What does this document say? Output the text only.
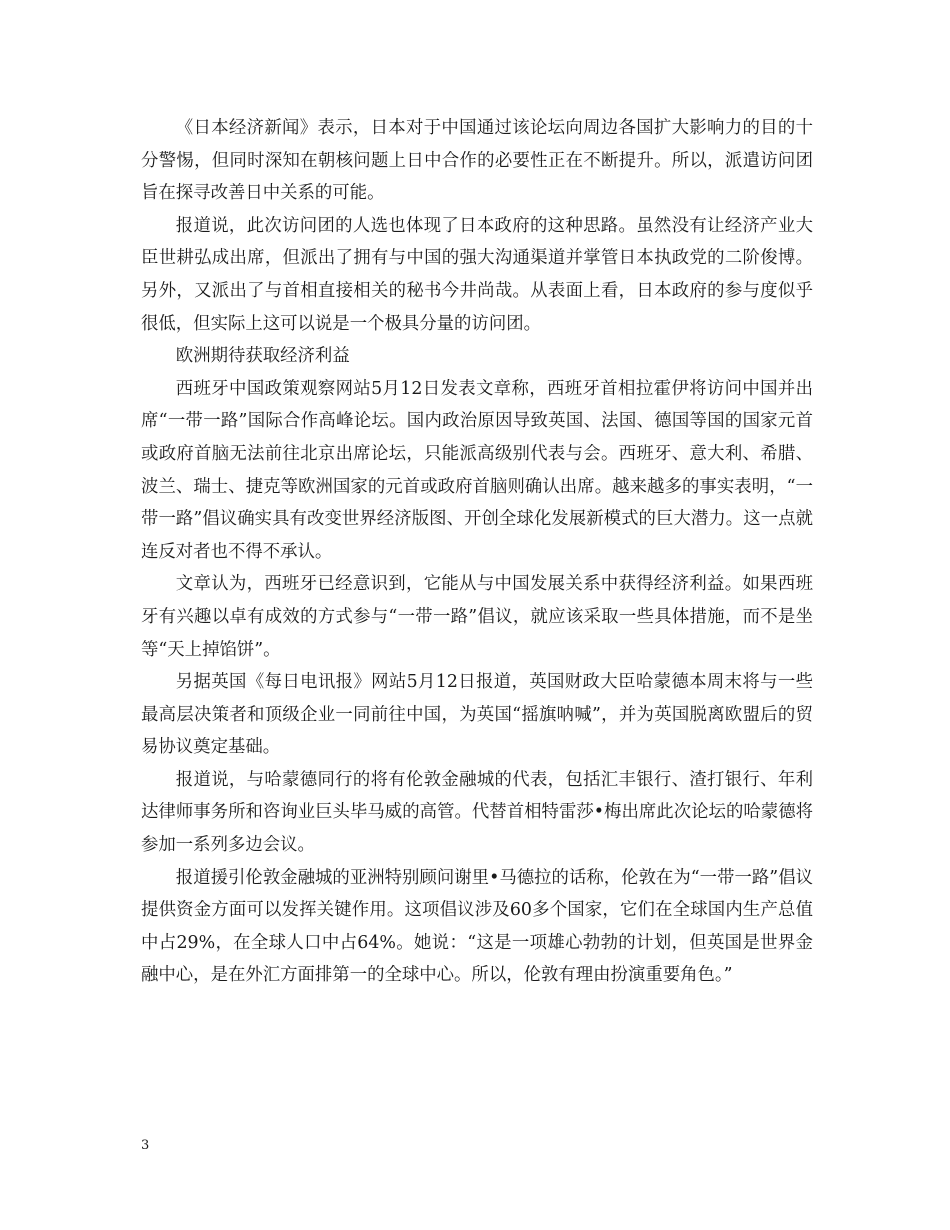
《日本经济新闻》表示，日本对于中国通过该论坛向周边各国扩大影响力的目的十分警惕，但同时深知在朝核问题上日中合作的必要性正在不断提升。所以，派遣访问团旨在探寻改善日中关系的可能。

报道说，此次访问团的人选也体现了日本政府的这种思路。虽然没有让经济产业大臣世耕弘成出席，但派出了拥有与中国的强大沟通渠道并掌管日本执政党的二阶俊博。另外，又派出了与首相直接相关的秘书今井尚哉。从表面上看，日本政府的参与度似乎很低，但实际上这可以说是一个极具分量的访问团。

欧洲期待获取经济利益

西班牙中国政策观察网站5月12日发表文章称，西班牙首相拉霍伊将访问中国并出席“一带一路”国际合作高峰论坛。国内政治原因导致英国、法国、德国等国的国家元首或政府首脑无法前往北京出席论坛，只能派高级别代表与会。西班牙、意大利、希腊、波兰、瑞士、捷克等欧洲国家的元首或政府首脑则确认出席。越来越多的事实表明，“一带一路”倡议确实具有改变世界经济版图、开创全球化发展新模式的巨大潜力。这一点就连反对者也不得不承认。

文章认为，西班牙已经意识到，它能从与中国发展关系中获得经济利益。如果西班牙有兴趣以卓有成效的方式参与“一带一路”倡议，就应该采取一些具体措施，而不是坐等“天上掉馅饼”。

另据英国《每日电讯报》网站5月12日报道，英国财政大臣哈蒙德本周末将与一些最高层决策者和顶级企业一同前往中国，为英国“摇旗呐喊”，并为英国脱离欧盟后的贸易协议奠定基础。

报道说，与哈蒙德同行的将有伦敦金融城的代表，包括汇丰银行、渣打银行、年利达律师事务所和咨询业巨头毕马威的高管。代替首相特雷莎•梅出席此次论坛的哈蒙德将参加一系列多边会议。

报道援引伦敦金融城的亚洲特别顾问谢里•马德拉的话称，伦敦在为“一带一路”倡议提供资金方面可以发挥关键作用。这项倡议涉及60多个国家，它们在全球国内生产总值中占29%，在全球人口中占64%。她说：“这是一项雄心勃勃的计划，但英国是世界金融中心，是在外汇方面排第一的全球中心。所以，伦敦有理由扮演重要角色。”

3
